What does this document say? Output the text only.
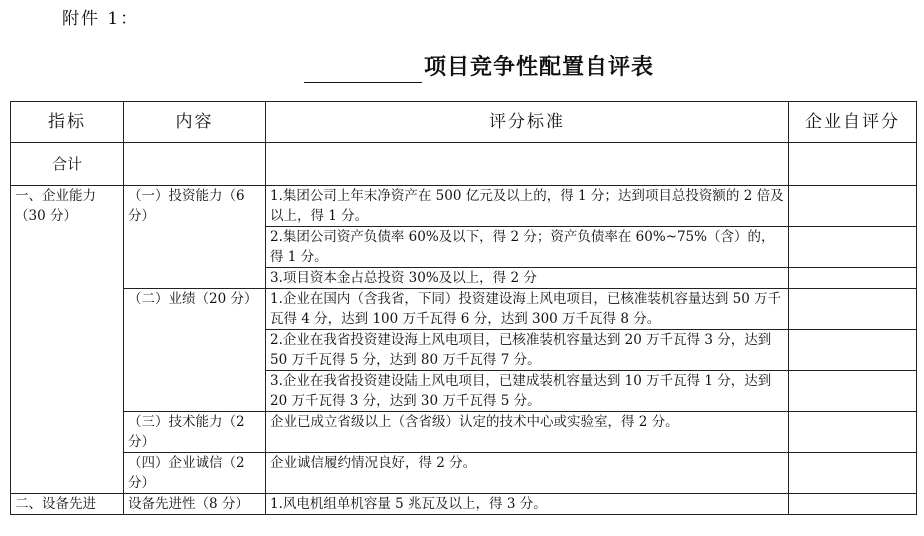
附件 1：
项目竞争性配置自评表
指标	内容	评分标准	企业自评分
合计			
一、企业能力（30 分）	（一）投资能力（6 分）	1.集团公司上年末净资产在 500 亿元及以上的，得 1 分；达到项目总投资额的 2 倍及以上，得 1 分。	
		2.集团公司资产负债率 60%及以下，得 2 分；资产负债率在 60%~75%（含）的，得 1 分。	
		3.项目资本金占总投资 30%及以上，得 2 分	
	（二）业绩（20 分）	1.企业在国内（含我省，下同）投资建设海上风电项目，已核准装机容量达到 50 万千瓦得 4 分，达到 100 万千瓦得 6 分，达到 300 万千瓦得 8 分。	
		2.企业在我省投资建设海上风电项目，已核准装机容量达到 20 万千瓦得 3 分，达到 50 万千瓦得 5 分，达到 80 万千瓦得 7 分。	
		3.企业在我省投资建设陆上风电项目，已建成装机容量达到 10 万千瓦得 1 分，达到 20 万千瓦得 3 分，达到 30 万千瓦得 5 分。	
	（三）技术能力（2 分）	企业已成立省级以上（含省级）认定的技术中心或实验室，得 2 分。	
	（四）企业诚信（2 分）	企业诚信履约情况良好，得 2 分。	
二、设备先进	设备先进性（8 分）	1.风电机组单机容量 5 兆瓦及以上，得 3 分。	
